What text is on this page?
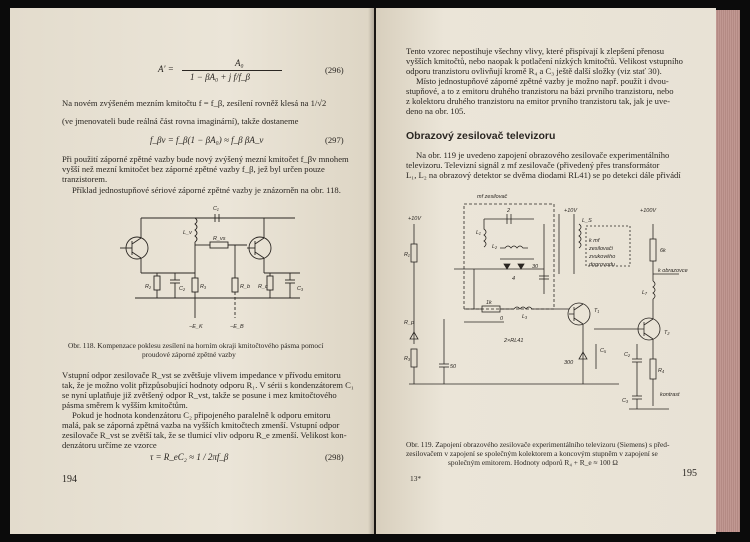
A′ =
A₀
1 − βA₀ + j f/f_β
(296)
Na novém zvýšeném mezním kmitočtu f = f_β, zesílení rovněž klesá na 1/√2
(ve jmenovateli bude reálná část rovna imaginární), takže dostaneme
f_βv = f_β(1 − βA₀) ≈ f_β βA_v	(297)
Při použití záporné zpětné vazby bude nový zvýšený mezní kmitočet f_βv mnohem
vyšší než mezní kmitočet bez záporné zpětné vazby f_β, jež byl určen pouze
tranzistorem.
Příklad jednostupňové sériové záporné zpětné vazby je znázorněn na obr. 118.
C₁
L_v
R_vs
R₂	C₂	R₃	R_b R_c	C₃
−E_K	−E_B
Obr. 118. Kompenzace poklesu zesílení na horním okraji kmitočtového pásma pomocí
proudové záporné zpětné vazby
Vstupní odpor zesilovače R_vst se zvětšuje vlivem impedance v přívodu emitoru
tak, že je možno volit přizpůsobující hodnoty odporu R₁. V sérii s kondenzátorem C₁
se nyní uplatňuje již zvětšený odpor R_vst, takže se posune i mez kmitočtového
pásma směrem k vyšším kmitočtům.
Pokud je hodnota kondenzátoru C₂ připojeného paralelně k odporu emitoru
malá, pak se záporná zpětná vazba na vyšších kmitočtech zmenší. Vstupní odpor
zesilovače R_vst se zvětší tak, že se tlumicí vliv odporu R_e zmenší. Velikost kon-
denzátoru určíme ze vzorce
τ = R_eC₂ ≈ 1 / 2πf_β	(298)
194
Tento vzorec nepostihuje všechny vlivy, které přispívají k zlepšení přenosu
vyšších kmitočtů, nebo naopak k potlačení nízkých kmitočtů. Velikost vstupního
odporu tranzistoru ovlivňují kromě R₄ a C₃ ještě další složky (viz stať 30).
Místo jednostupňové záporné zpětné vazby je možno např. použít i dvou-
stupňové, a to z emitoru druhého tranzistoru na bázi prvního tranzistoru, nebo
z kolektoru druhého tranzistoru na emitor prvního tranzistoru tak, jak je uve-
deno na obr. 105.
Obrazový zesilovač televizoru
Na obr. 119 je uvedeno zapojení obrazového zesilovače experimentálního
televizoru. Televizní signál z mf zesilovače (přivedený přes transformátor
L₁, L₂ na obrazový detektor se dvěma diodami RL41) se po detekci dále přivádí
mf zesilovač
+10V
+10V	+100V
R₁
L₁
L₂
2
4
30
1k
L₃
0
2×RL41
R_p
R₃
50
300
T₁
T₂
C₅
R₄
C₃
6k
L₇
k obrazovce
L_S
k mf
zesilovači
zvukového
doprovodu
kontrast
C₂
Obr. 119. Zapojení obrazového zesilovače experimentálního televizoru (Siemens) s před-
zesilovačem v zapojení se společným kolektorem a koncovým stupněm v zapojení se
společným emitorem. Hodnoty odporů R₄ + R_e ≈ 100 Ω
13*	195
